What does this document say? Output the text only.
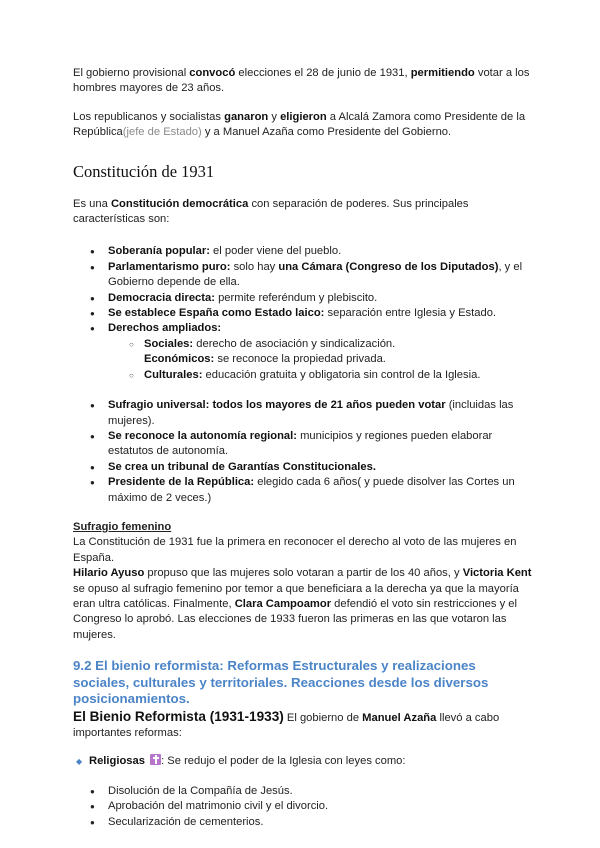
El gobierno provisional convocó elecciones el 28 de junio de 1931, permitiendo votar a los hombres mayores de 23 años.

Los republicanos y socialistas ganaron y eligieron a Alcalá Zamora como Presidente de la República(jefe de Estado) y a Manuel Azaña como Presidente del Gobierno.

Constitución de 1931

Es una Constitución democrática con separación de poderes. Sus principales características son:

● Soberanía popular: el poder viene del pueblo.
● Parlamentarismo puro: solo hay una Cámara (Congreso de los Diputados), y el Gobierno depende de ella.
● Democracia directa: permite referéndum y plebiscito.
● Se establece España como Estado laico: separación entre Iglesia y Estado.
● Derechos ampliados:
○ Sociales: derecho de asociación y sindicalización.
Económicos: se reconoce la propiedad privada.
○ Culturales: educación gratuita y obligatoria sin control de la Iglesia.
● Sufragio universal: todos los mayores de 21 años pueden votar (incluidas las mujeres).
● Se reconoce la autonomía regional: municipios y regiones pueden elaborar estatutos de autonomía.
● Se crea un tribunal de Garantías Constitucionales.
● Presidente de la República: elegido cada 6 años( y puede disolver las Cortes un máximo de 2 veces.)

Sufragio femenino

La Constitución de 1931 fue la primera en reconocer el derecho al voto de las mujeres en España.

Hilario Ayuso propuso que las mujeres solo votaran a partir de los 40 años, y Victoria Kent se opuso al sufragio femenino por temor a que beneficiara a la derecha ya que la mayoría eran ultra católicas. Finalmente, Clara Campoamor defendió el voto sin restricciones y el Congreso lo aprobó. Las elecciones de 1933 fueron las primeras en las que votaron las mujeres.

9.2 El bienio reformista: Reformas Estructurales y realizaciones sociales, culturales y territoriales. Reacciones desde los diversos posicionamientos.

El Bienio Reformista (1931-1933) El gobierno de Manuel Azaña llevó a cabo importantes reformas:

◆ Religiosas : Se redujo el poder de la Iglesia con leyes como:
● Disolución de la Compañía de Jesús.
● Aprobación del matrimonio civil y el divorcio.
● Secularización de cementerios.
